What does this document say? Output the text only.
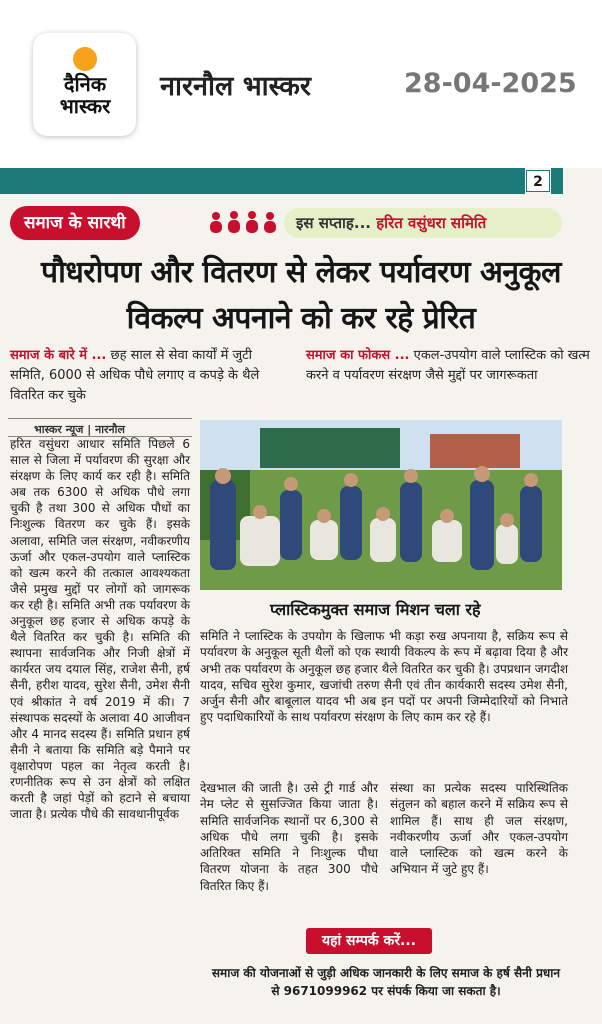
दैनिक
भास्कर
नारनौल भास्कर	28-04-2025
2
समाज के सारथी	इस सप्ताह... हरित वसुंधरा समिति
पौधरोपण और वितरण से लेकर पर्यावरण अनुकूल विकल्प अपनाने को कर रहे प्रेरित
समाज के बारे में ... छह साल से सेवा कार्यों में जुटी समिति, 6000 से अधिक पौधे लगाए व कपड़े के थैले वितरित कर चुके
समाज का फोकस ... एकल-उपयोग वाले प्लास्टिक को खत्म करने व पर्यावरण संरक्षण जैसे मुद्दों पर जागरूकता
भास्कर न्यूज | नारनौल
हरित वसुंधरा आधार समिति पिछले 6 साल से जिला में पर्यावरण की सुरक्षा और संरक्षण के लिए कार्य कर रही है। समिति अब तक 6300 से अधिक पौधे लगा चुकी है तथा 300 से अधिक पौधों का निःशुल्क वितरण कर चुके हैं। इसके अलावा, समिति जल संरक्षण, नवीकरणीय ऊर्जा और एकल-उपयोग वाले प्लास्टिक को खत्म करने की तत्काल आवश्यकता जैसे प्रमुख मुद्दों पर लोगों को जागरूक कर रही है। समिति अभी तक पर्यावरण के अनुकूल छह हजार से अधिक कपड़े के थैले वितरित कर चुकी है। समिति की स्थापना सार्वजनिक और निजी क्षेत्रों में कार्यरत जय दयाल सिंह, राजेश सैनी, हर्ष सैनी, हरीश यादव, सुरेश सैनी, उमेश सैनी एवं श्रीकांत ने वर्ष 2019 में की। 7 संस्थापक सदस्यों के अलावा 40 आजीवन और 4 मानद सदस्य हैं। समिति प्रधान हर्ष सैनी ने बताया कि समिति बड़े पैमाने पर वृक्षारोपण पहल का नेतृत्व करती है। रणनीतिक रूप से उन क्षेत्रों को लक्षित करती है जहां पेड़ों को हटाने से बचाया जाता है। प्रत्येक पौधे की सावधानीपूर्वक
प्लास्टिकमुक्त समाज मिशन चला रहे
समिति ने प्लास्टिक के उपयोग के खिलाफ भी कड़ा रुख अपनाया है, सक्रिय रूप से पर्यावरण के अनुकूल सूती थैलों को एक स्थायी विकल्प के रूप में बढ़ावा दिया है और अभी तक पर्यावरण के अनुकूल छह हजार थैले वितरित कर चुकी है। उपप्रधान जगदीश यादव, सचिव सुरेश कुमार, खजांची तरुण सैनी एवं तीन कार्यकारी सदस्य उमेश सैनी, अर्जुन सैनी और बाबूलाल यादव भी अब इन पदों पर अपनी जिम्मेदारियों को निभाते हुए पदाधिकारियों के साथ पर्यावरण संरक्षण के लिए काम कर रहे हैं।
देखभाल की जाती है। उसे ट्री गार्ड और नेम प्लेट से सुसज्जित किया जाता है। समिति सार्वजनिक स्थानों पर 6,300 से अधिक पौधे लगा चुकी है। इसके अतिरिक्त समिति ने निःशुल्क पौधा वितरण योजना के तहत 300 पौधे वितरित किए हैं।
संस्था का प्रत्येक सदस्य पारिस्थितिक संतुलन को बहाल करने में सक्रिय रूप से शामिल हैं। साथ ही जल संरक्षण, नवीकरणीय ऊर्जा और एकल-उपयोग वाले प्लास्टिक को खत्म करने के अभियान में जुटे हुए हैं।
यहां सम्पर्क करें...
समाज की योजनाओं से जुड़ी अधिक जानकारी के लिए समाज के हर्ष सैनी प्रधान से 9671099962 पर संपर्क किया जा सकता है।
